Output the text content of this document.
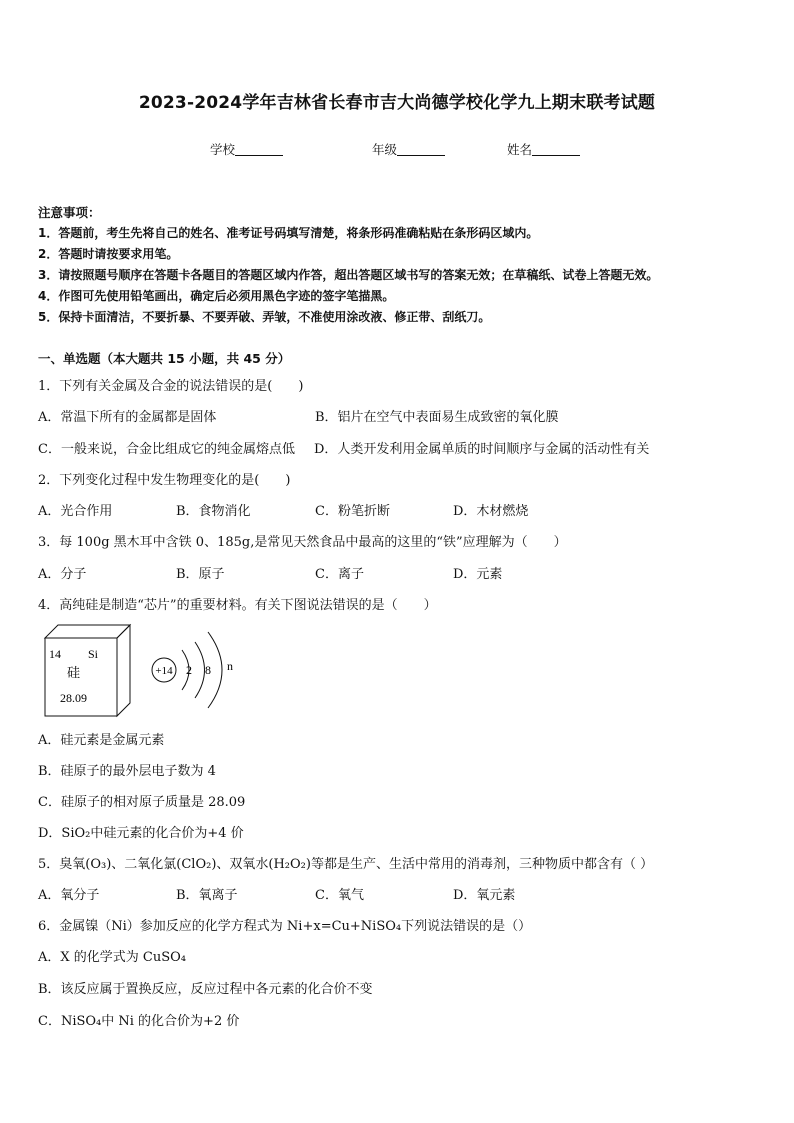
2023-2024学年吉林省长春市吉大尚德学校化学九上期末联考试题
学校	年级	姓名
注意事项：
1．答题前，考生先将自己的姓名、准考证号码填写清楚，将条形码准确粘贴在条形码区域内。
2．答题时请按要求用笔。
3．请按照题号顺序在答题卡各题目的答题区域内作答，超出答题区域书写的答案无效；在草稿纸、试卷上答题无效。
4．作图可先使用铅笔画出，确定后必须用黑色字迹的签字笔描黑。
5．保持卡面清洁，不要折暴、不要弄破、弄皱，不准使用涂改液、修正带、刮纸刀。
一、单选题（本大题共 15 小题，共 45 分）
1．下列有关金属及合金的说法错误的是(　　)
A．常温下所有的金属都是固体	B．铝片在空气中表面易生成致密的氧化膜
C．一般来说，合金比组成它的纯金属熔点低 D．人类开发利用金属单质的时间顺序与金属的活动性有关
2．下列变化过程中发生物理变化的是(　　)
A．光合作用	B．食物消化	C．粉笔折断	D．木材燃烧
3．每 100g 黑木耳中含铁 0、185g,是常见天然食品中最高的这里的“铁”应理解为（　　）
A．分子	B．原子	C．离子	D．元素
4．高纯硅是制造“芯片”的重要材料。有关下图说法错误的是（　　）
14 Si
硅
28.09
+14 2 8 n
A．硅元素是金属元素
B．硅原子的最外层电子数为 4
C．硅原子的相对原子质量是 28.09
D．SiO₂中硅元素的化合价为+4 价
5．臭氧(O₃)、二氧化氯(ClO₂)、双氧水(H₂O₂)等都是生产、生活中常用的消毒剂，三种物质中都含有（ ）
A．氧分子	B．氧离子	C．氧气	D．氧元素
6．金属镍（Ni）参加反应的化学方程式为 Ni+x=Cu+NiSO₄下列说法错误的是（）
A．X 的化学式为 CuSO₄
B．该反应属于置换反应，反应过程中各元素的化合价不变
C．NiSO₄中 Ni 的化合价为+2 价
